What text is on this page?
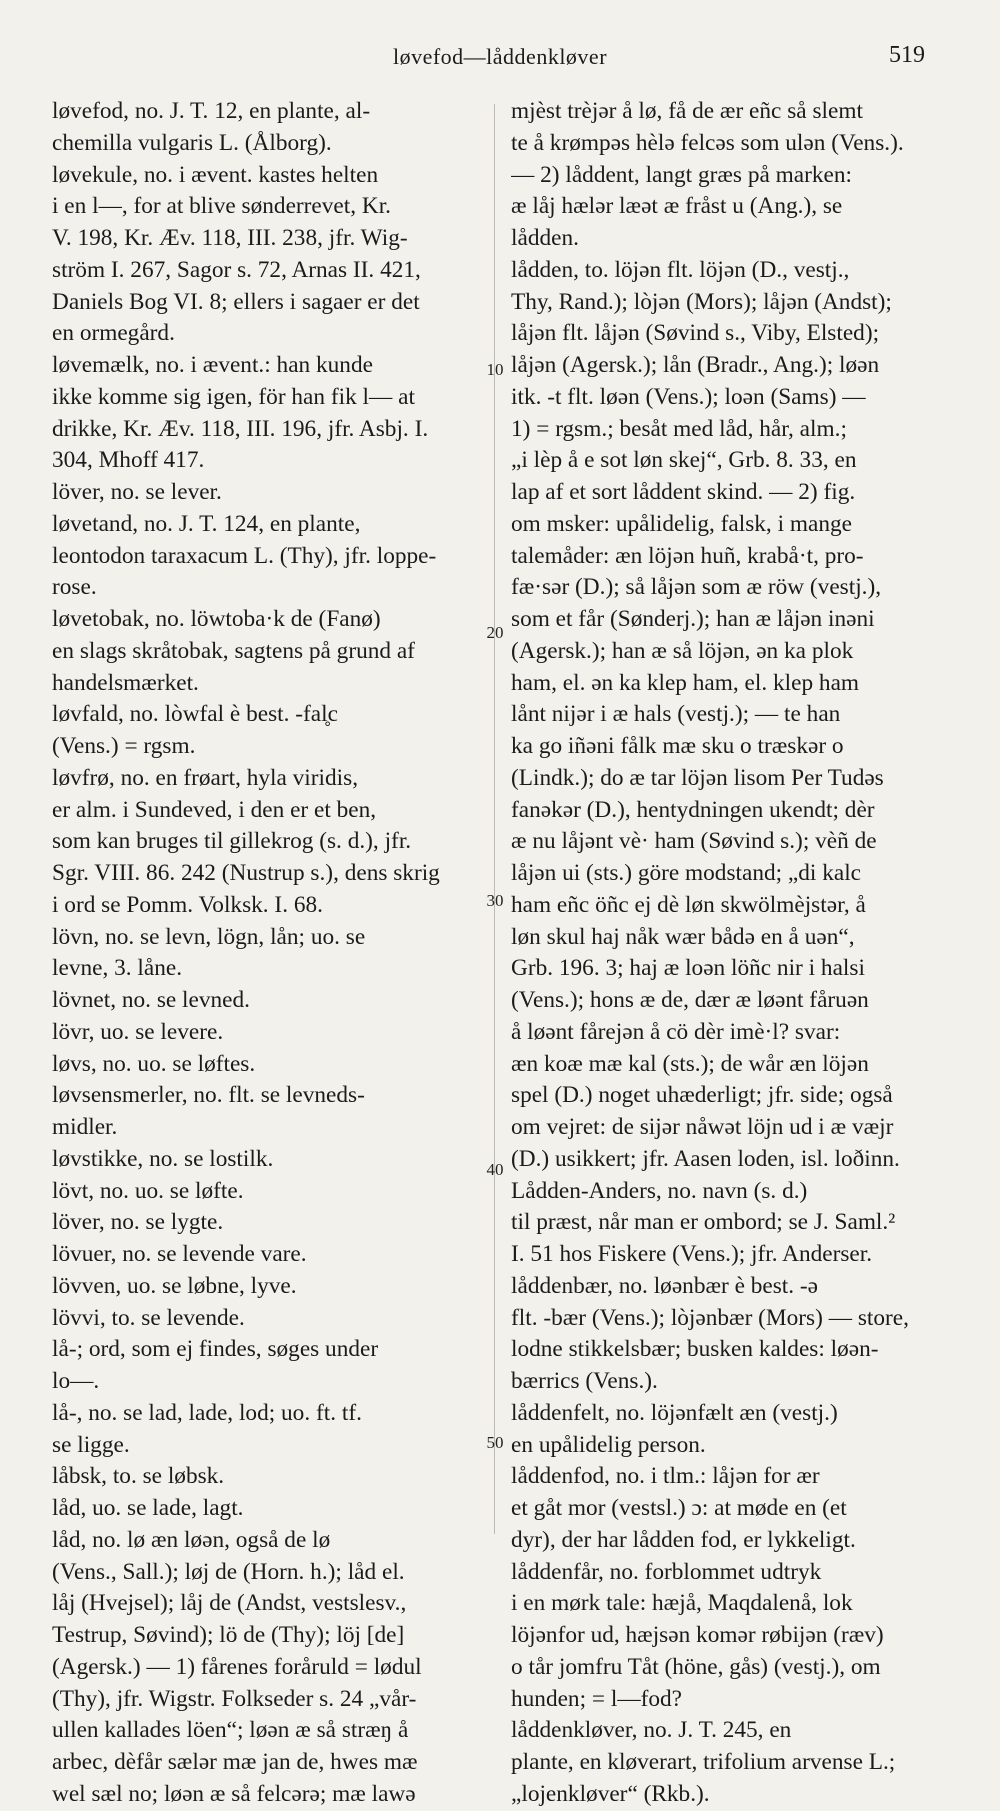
løvefod—låddenkløver	519
løvefod, no. J. T. 12, en plante, al-
chemilla vulgaris L. (Ålborg).
løvekule, no. i ævent. kastes helten
i en l—, for at blive sønderrevet, Kr.
V. 198, Kr. Æv. 118, III. 238, jfr. Wig-
ström I. 267, Sagor s. 72, Arnas II. 421,
Daniels Bog VI. 8; ellers i sagaer er det
en ormegård.
løvemælk, no. i ævent.: han kunde
ikke komme sig igen, för han fik l— at
drikke, Kr. Æv. 118, III. 196, jfr. Asbj. I.
304, Mhoff 417.
löver, no. se lever.
løvetand, no. J. T. 124, en plante,
leontodon taraxacum L. (Thy), jfr. loppe-
rose.
løvetobak, no. löwtoba·k de (Fanø)
en slags skråtobak, sagtens på grund af
handelsmærket.
løvfald, no. lòwfal è best. -fal̥c
(Vens.) = rgsm.
løvfrø, no. en frøart, hyla viridis,
er alm. i Sundeved, i den er et ben,
som kan bruges til gillekrog (s. d.), jfr.
Sgr. VIII. 86. 242 (Nustrup s.), dens skrig
i ord se Pomm. Volksk. I. 68.
lövn, no. se levn, lögn, lån; uo. se
levne, 3. låne.
lövnet, no. se levned.
lövr, uo. se levere.
løvs, no. uo. se løftes.
løvsensmerler, no. flt. se levneds-
midler.
løvstikke, no. se lostilk.
lövt, no. uo. se løfte.
löver, no. se lygte.
lövuer, no. se levende vare.
lövven, uo. se løbne, lyve.
lövvi, to. se levende.
lå-; ord, som ej findes, søges under
lo—.
lå-, no. se lad, lade, lod; uo. ft. tf.
se ligge.
låbsk, to. se løbsk.
låd, uo. se lade, lagt.
låd, no. lø æn løən, også de lø
(Vens., Sall.); løj de (Horn. h.); låd el.
låj (Hvejsel); låj de (Andst, vestslesv.,
Testrup, Søvind); lö de (Thy); löj [de]
(Agersk.) — 1) fårenes foråruld = lødul
(Thy), jfr. Wigstr. Folkseder s. 24 „vår-
ullen kallades löen“; løən æ så stræŋ å
arbec, dèfår sælər mæ jan de, hwes mæ
wel sæl no; løən æ så felcərə; mæ lawə
mjèst trèjər å lø, få de ær eñc så slemt
te å krømpəs hèlə felcəs som ulən (Vens.).
— 2) låddent, langt græs på marken:
æ låj hælər læət æ fråst u (Ang.), se
lådden.
lådden, to. löjən flt. löjən (D., vestj.,
Thy, Rand.); lòjən (Mors); låjən (Andst);
låjən flt. låjən (Søvind s., Viby, Elsted);
låjən (Agersk.); lån (Bradr., Ang.); løən
itk. -t flt. løən (Vens.); loən (Sams) —
1) = rgsm.; besåt med låd, hår, alm.;
„i lèp å e sot løn skej“, Grb. 8. 33, en
lap af et sort låddent skind. — 2) fig.
om msker: upålidelig, falsk, i mange
talemåder: æn löjən huñ, krabå·t, pro-
fæ·sər (D.); så låjən som æ röw (vestj.),
som et får (Sønderj.); han æ låjən inəni
(Agersk.); han æ så löjən, ən ka plok
ham, el. ən ka klep ham, el. klep ham
lånt nijər i æ hals (vestj.); — te han
ka go iñəni fålk mæ sku o træskər o
(Lindk.); do æ tar löjən lisom Per Tudəs
fanəkər (D.), hentydningen ukendt; dèr
æ nu låjənt vè· ham (Søvind s.); vèñ de
låjən ui (sts.) göre modstand; „di kalc
ham eñc öñc ej dè løn skwölmèjstər, å
løn skul haj nåk wær bådə en å uən“,
Grb. 196. 3; haj æ loən löñc nir i halsi
(Vens.); hons æ de, dær æ løənt fåruən
å løənt fårejən å cö dèr imè·l? svar:
æn koæ mæ kal (sts.); de wår æn löjən
spel (D.) noget uhæderligt; jfr. side; også
om vejret: de sijər nåwət löjn ud i æ væjr
(D.) usikkert; jfr. Aasen loden, isl. loðinn.
Lådden-Anders, no. navn (s. d.)
til præst, når man er ombord; se J. Saml.²
I. 51 hos Fiskere (Vens.); jfr. Anderser.
låddenbær, no. løənbær è best. -ə
flt. -bær (Vens.); lòjənbær (Mors) — store,
lodne stikkelsbær; busken kaldes: løən-
bærrics (Vens.).
låddenfelt, no. löjənfælt æn (vestj.)
en upålidelig person.
låddenfod, no. i tlm.: låjən for ær
et gåt mor (vestsl.) ɔ: at møde en (et
dyr), der har lådden fod, er lykkeligt.
låddenfår, no. forblommet udtryk
i en mørk tale: hæjå, Maqdalenå, lok
löjənfor ud, hæjsən komər røbijən (ræv)
o tår jomfru Tåt (höne, gås) (vestj.), om
hunden; = l—fod?
låddenkløver, no. J. T. 245, en
plante, en kløverart, trifolium arvense L.;
„lojenkløver“ (Rkb.).
10
20
30
40
50
